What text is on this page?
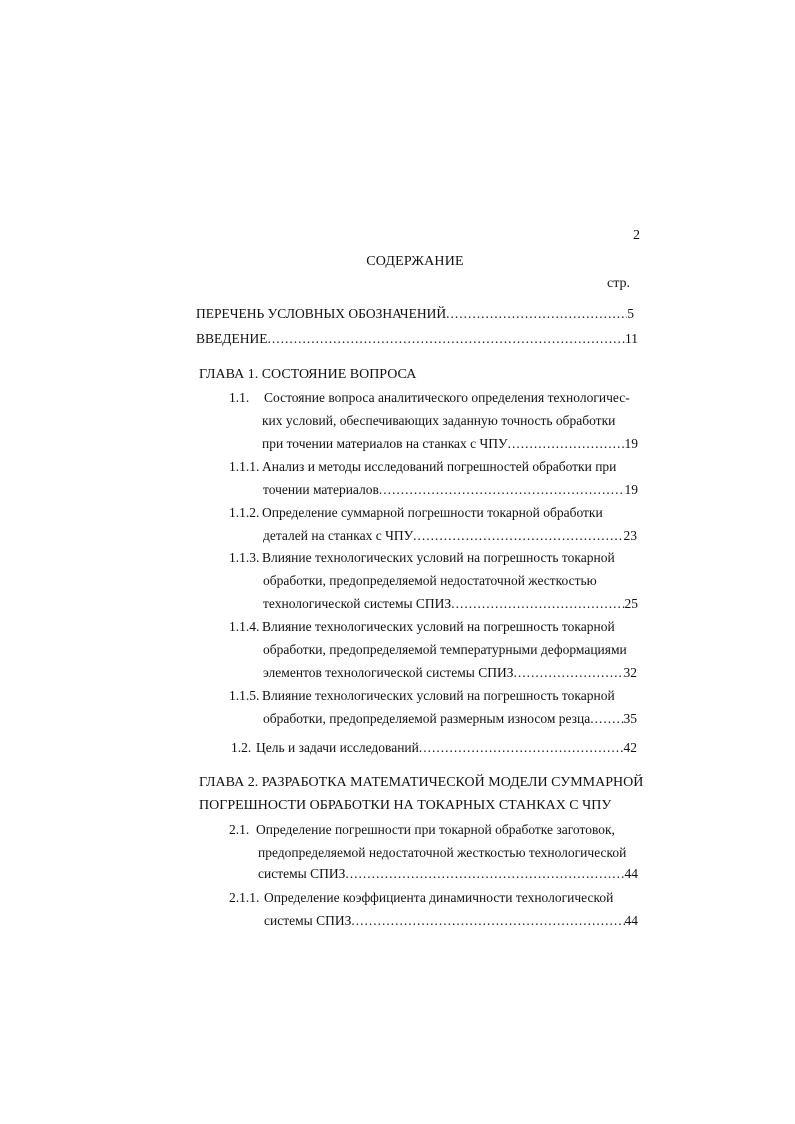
2
СОДЕРЖАНИЕ
стр.
ПЕРЕЧЕНЬ УСЛОВНЫХ ОБОЗНАЧЕНИЙ .....	5
ВВЕДЕНИЕ .....	11
ГЛАВА 1. СОСТОЯНИЕ ВОПРОСА
1.1. Состояние вопроса аналитического определения технологичес-
ких условий, обеспечивающих заданную точность обработки
при точении материалов на станках с ЧПУ .....	19
1.1.1. Анализ и методы исследований погрешностей обработки при
точении материалов .....	19
1.1.2. Определение суммарной погрешности токарной обработки
деталей на станках с ЧПУ .....	23
1.1.3. Влияние технологических условий на погрешность токарной
обработки, предопределяемой недостаточной жесткостью
технологической системы СПИЗ .....	25
1.1.4. Влияние технологических условий на погрешность токарной
обработки, предопределяемой температурными деформациями
элементов технологической системы СПИЗ .....	32
1.1.5. Влияние технологических условий на погрешность токарной
обработки, предопределяемой размерным износом резца ..... 35
1.2. Цель и задачи исследований .....	42
ГЛАВА 2. РАЗРАБОТКА МАТЕМАТИЧЕСКОЙ МОДЕЛИ СУММАРНОЙ
ПОГРЕШНОСТИ ОБРАБОТКИ НА ТОКАРНЫХ СТАНКАХ С ЧПУ
2.1. Определение погрешности при токарной обработке заготовок,
предопределяемой недостаточной жесткостью технологической
системы СПИЗ .....	44
2.1.1. Определение коэффициента динамичности технологической
системы СПИЗ .....	44
